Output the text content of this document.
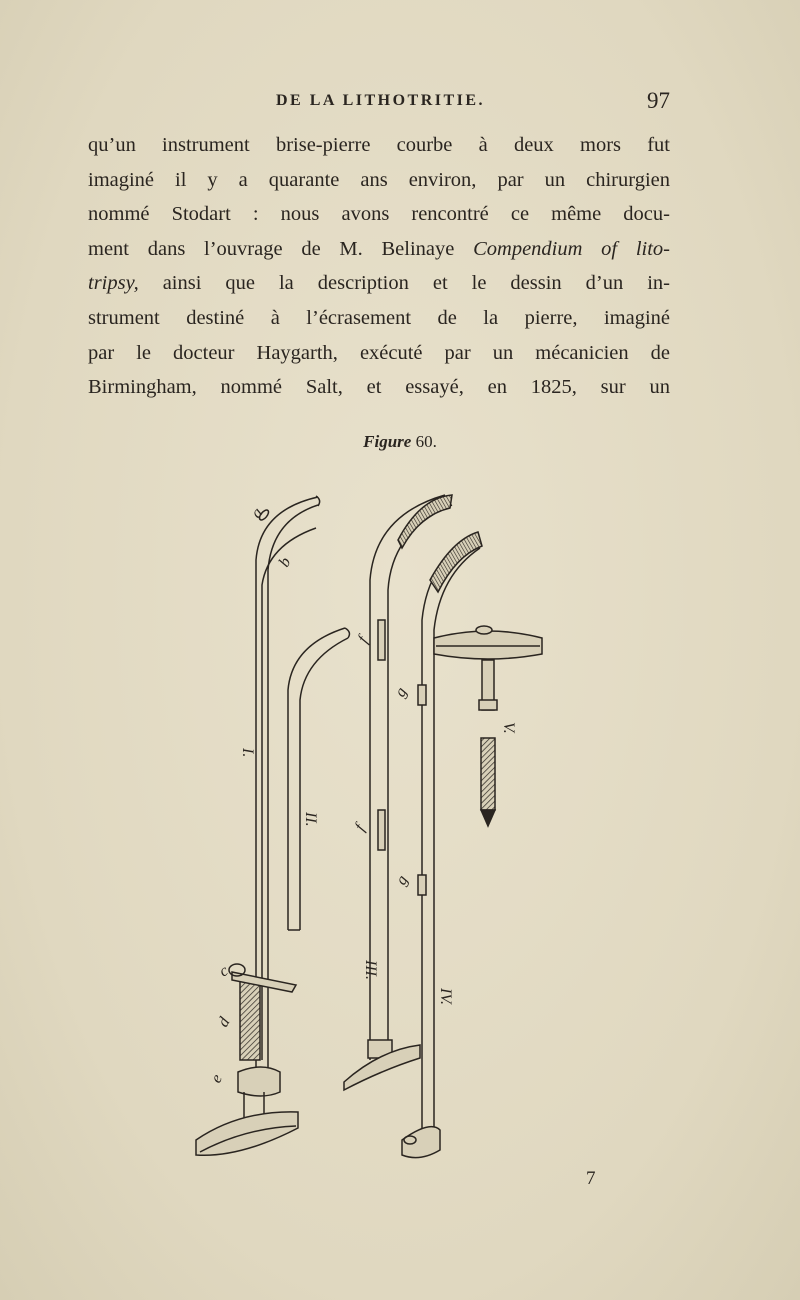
DE LA LITHOTRITIE.	97
qu’un instrument brise-pierre courbe à deux mors fut
imaginé il y a quarante ans environ, par un chirurgien
nommé Stodart : nous avons rencontré ce même docu-
ment dans l’ouvrage de M. Belinaye Compendium of lito-
tripsy, ainsi que la description et le dessin d’un in-
strument destiné à l’écrasement de la pierre, imaginé
par le docteur Haygarth, exécuté par un mécanicien de
Birmingham, nommé Salt, et essayé, en 1825, sur un
Figure 60.
I.
II.
III.
IV.
V.
a
b
c
d
e
f
f
g
g
7
